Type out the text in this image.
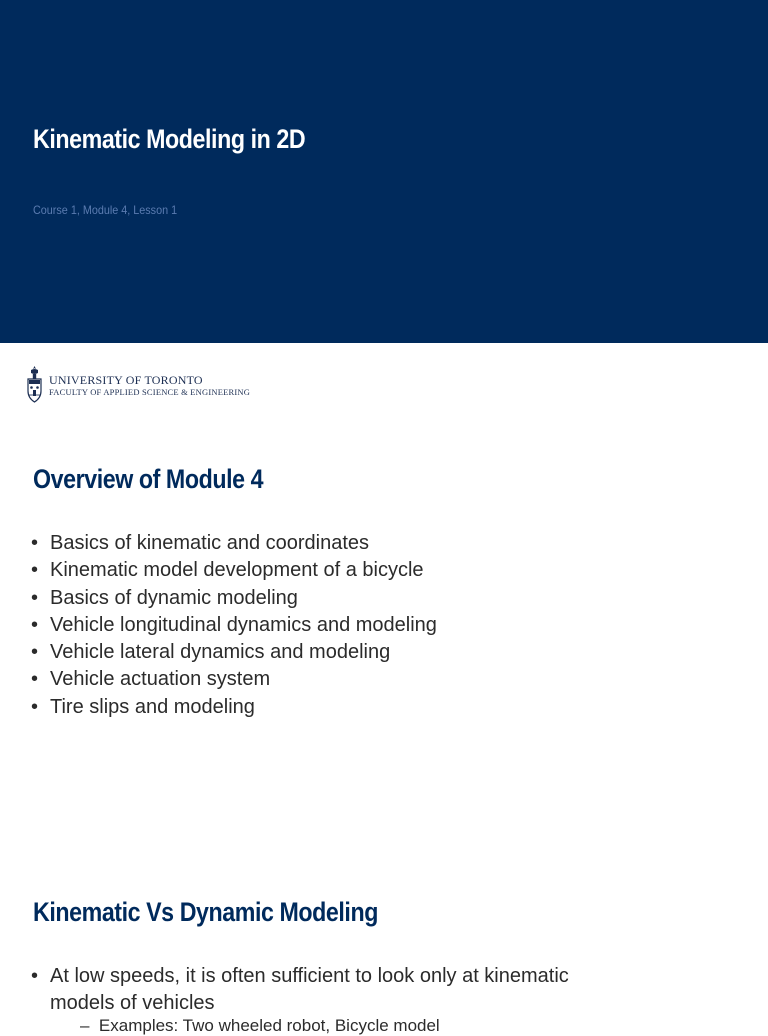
Kinematic Modeling in 2D
Course 1, Module 4, Lesson 1
UNIVERSITY OF TORONTO
FACULTY OF APPLIED SCIENCE & ENGINEERING
Overview of Module 4
• Basics of kinematic and coordinates
• Kinematic model development of a bicycle
• Basics of dynamic modeling
• Vehicle longitudinal dynamics and modeling
• Vehicle lateral dynamics and modeling
• Vehicle actuation system
• Tire slips and modeling
Kinematic Vs Dynamic Modeling
• At low speeds, it is often sufficient to look only at kinematic models of vehicles
–  Examples: Two wheeled robot, Bicycle model
